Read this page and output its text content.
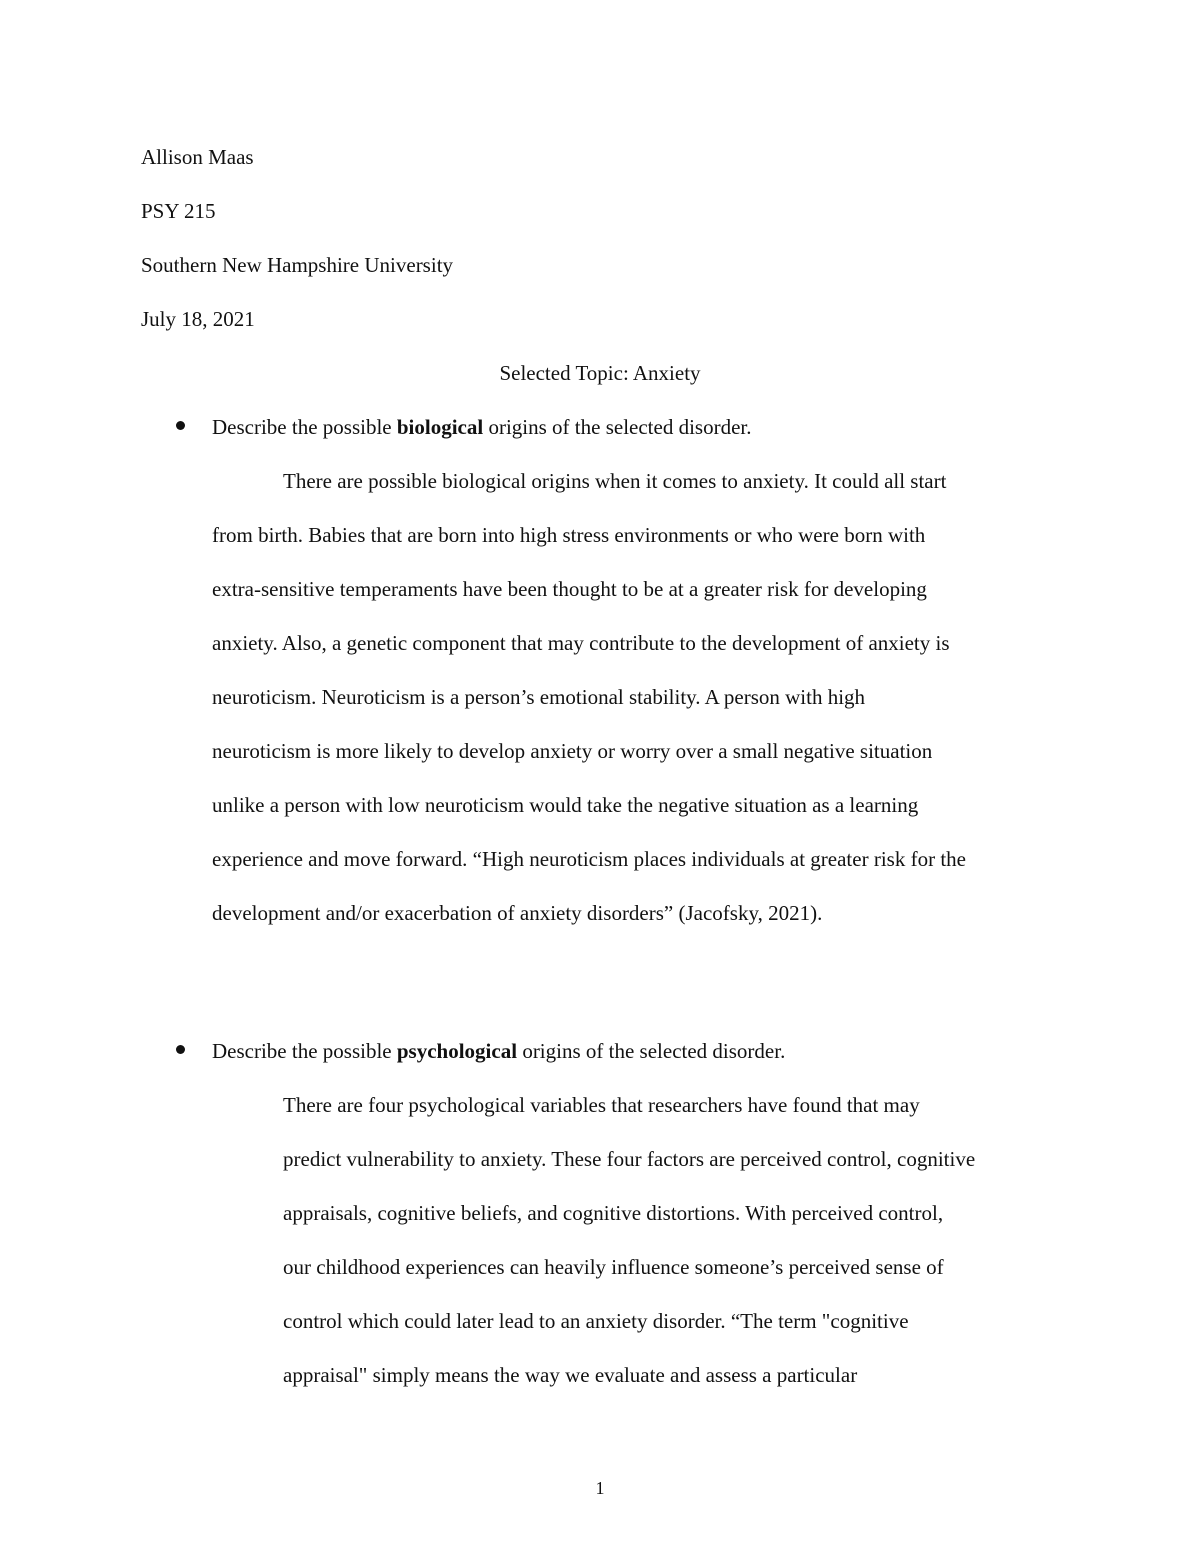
Allison Maas

PSY 215

Southern New Hampshire University

July 18, 2021

Selected Topic: Anxiety

Describe the possible biological origins of the selected disorder.

There are possible biological origins when it comes to anxiety. It could all start

from birth. Babies that are born into high stress environments or who were born with

extra-sensitive temperaments have been thought to be at a greater risk for developing

anxiety. Also, a genetic component that may contribute to the development of anxiety is

neuroticism. Neuroticism is a person’s emotional stability. A person with high

neuroticism is more likely to develop anxiety or worry over a small negative situation

unlike a person with low neuroticism would take the negative situation as a learning

experience and move forward. “High neuroticism places individuals at greater risk for the

development and/or exacerbation of anxiety disorders” (Jacofsky, 2021).

Describe the possible psychological origins of the selected disorder.

There are four psychological variables that researchers have found that may

predict vulnerability to anxiety. These four factors are perceived control, cognitive

appraisals, cognitive beliefs, and cognitive distortions. With perceived control,

our childhood experiences can heavily influence someone’s perceived sense of

control which could later lead to an anxiety disorder. “The term "cognitive

appraisal" simply means the way we evaluate and assess a particular

1
